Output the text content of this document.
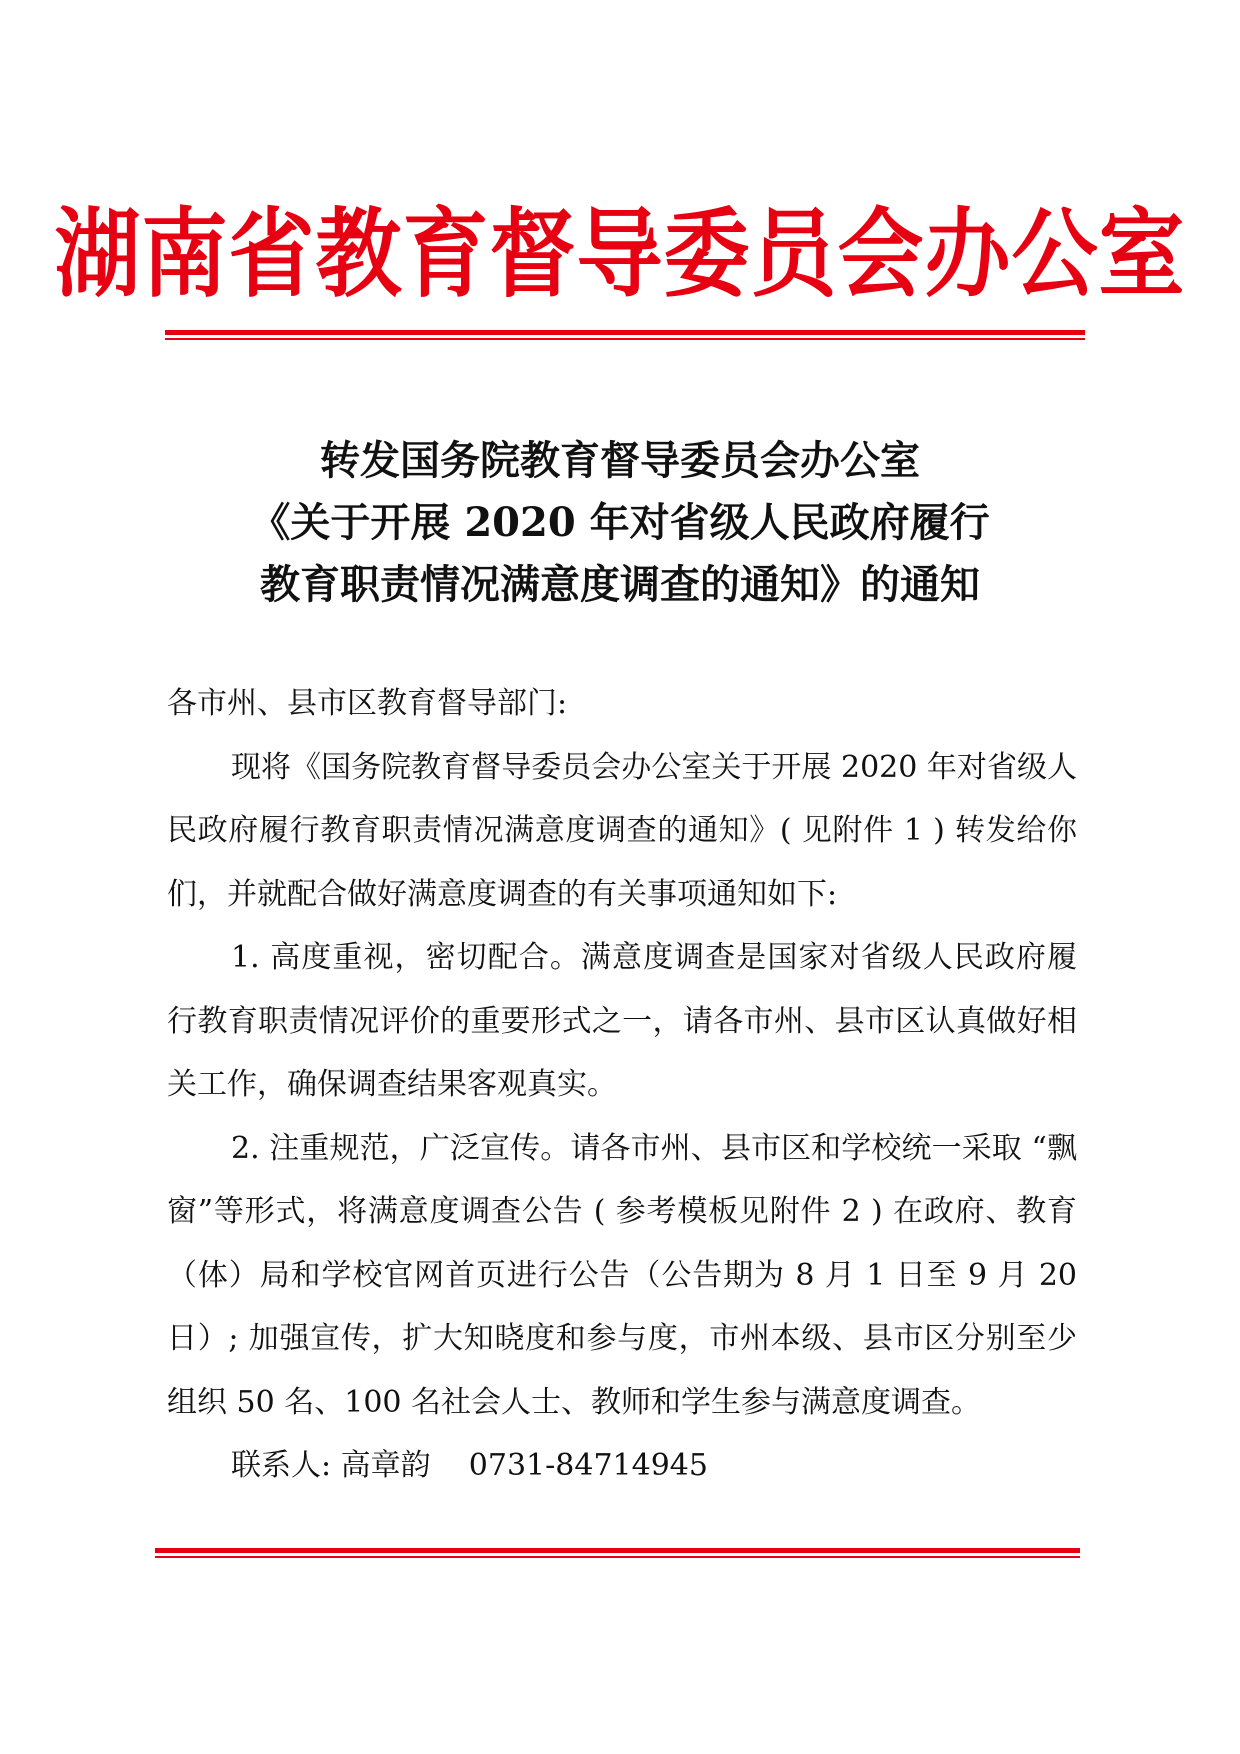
湖南省教育督导委员会办公室
转发国务院教育督导委员会办公室
《关于开展 2020 年对省级人民政府履行
教育职责情况满意度调查的通知》的通知

各市州、县市区教育督导部门:

现将《国务院教育督导委员会办公室关于开展 2020 年对省级人民政府履行教育职责情况满意度调查的通知》( 见附件 1 ) 转发给你们，并就配合做好满意度调查的有关事项通知如下:

1. 高度重视，密切配合。满意度调查是国家对省级人民政府履行教育职责情况评价的重要形式之一，请各市州、县市区认真做好相关工作，确保调查结果客观真实。

2. 注重规范，广泛宣传。请各市州、县市区和学校统一采取 “飘窗”等形式，将满意度调查公告 ( 参考模板见附件 2 ) 在政府、教育（体）局和学校官网首页进行公告（公告期为 8 月 1 日至 9 月 20 日）; 加强宣传，扩大知晓度和参与度，市州本级、县市区分别至少组织 50 名、100 名社会人士、教师和学生参与满意度调查。

联系人: 高章韵    0731-84714945
